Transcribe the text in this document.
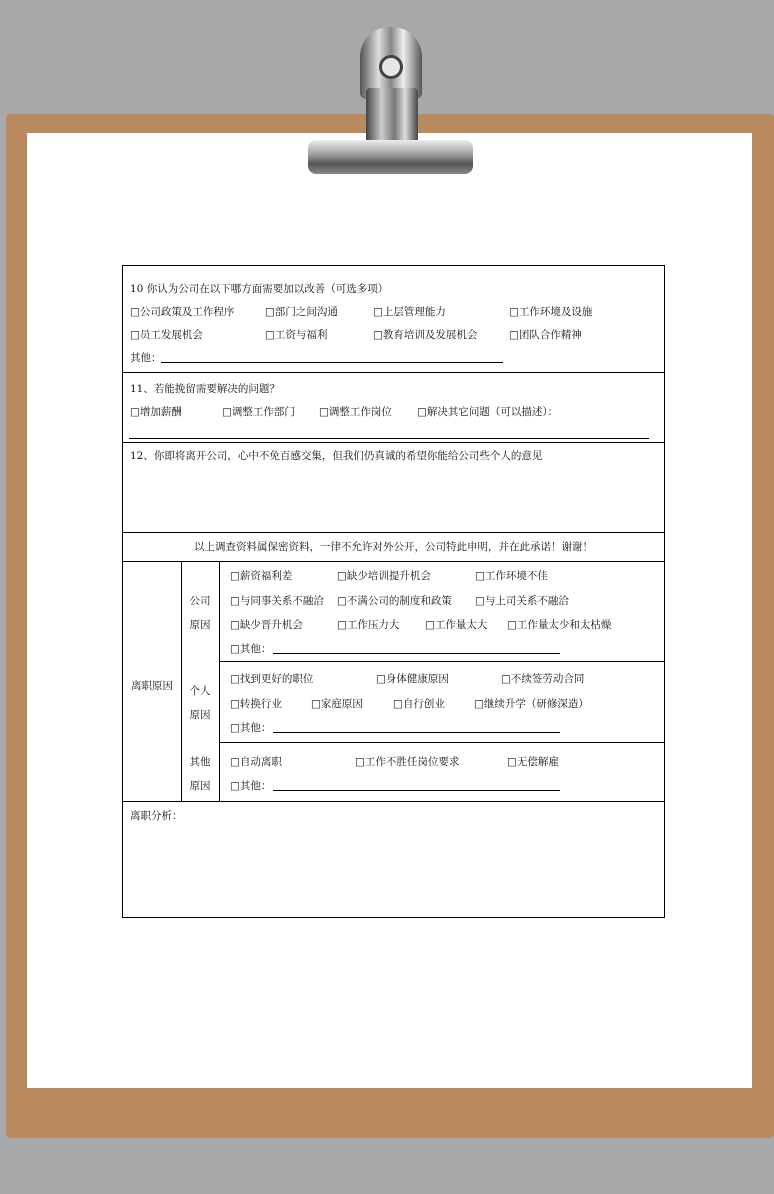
10 你认为公司在以下哪方面需要加以改善（可选多项）
□公司政策及工作程序	□部门之间沟通	□上层管理能力	□工作环境及设施
□员工发展机会	□工资与福利	□教育培训及发展机会	□团队合作精神
其他：
11、若能挽留需要解决的问题？
□增加薪酬	□调整工作部门 □调整工作岗位 □解决其它问题（可以描述）：
12、你即将离开公司，心中不免百感交集，但我们仍真诚的希望你能给公司些个人的意见
以上调查资料属保密资料，一律不允许对外公开，公司特此申明，并在此承诺！谢谢！
离职原因
公司
原因
□薪资福利差	□缺少培训提升机会	□工作环境不佳
□与同事关系不融洽 □不满公司的制度和政策 □与上司关系不融洽
□缺少晋升机会	□工作压力大 □工作量太大 □工作量太少和太枯燥
□其他：
个人
原因
□找到更好的职位	□身体健康原因	□不续签劳动合同
□转换行业	□家庭原因	□自行创业	□继续升学（研修深造）
□其他：
其他
原因
□自动离职	□工作不胜任岗位要求	□无偿解雇
□其他：
离职分析：
